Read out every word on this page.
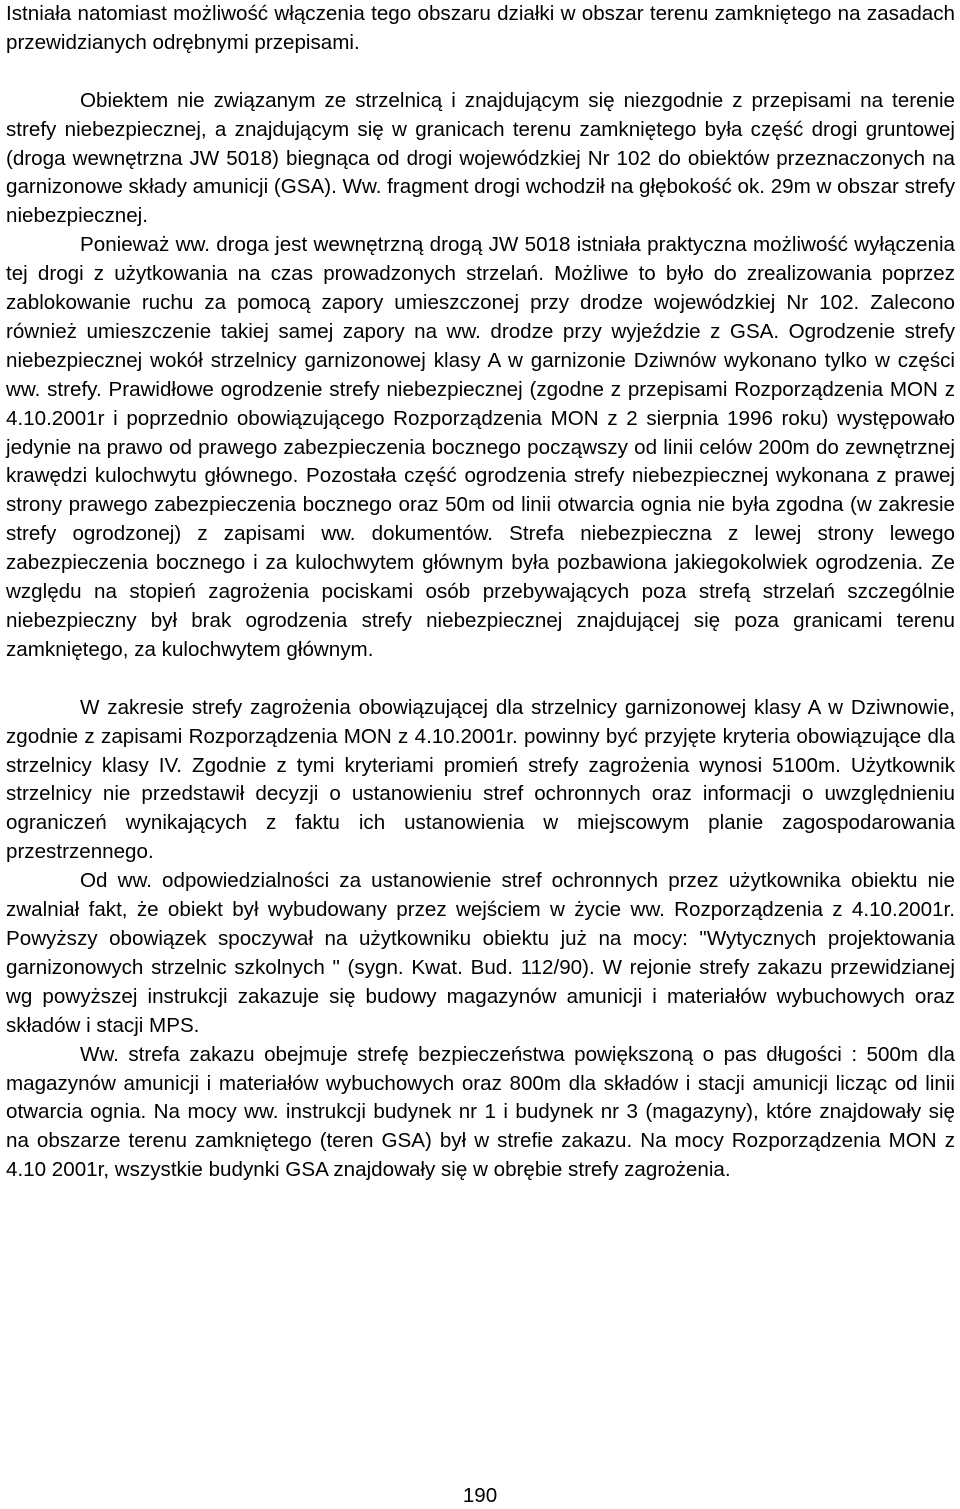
Istniała natomiast możliwość włączenia tego obszaru działki w obszar terenu zamkniętego na zasadach przewidzianych odrębnymi przepisami.

Obiektem nie związanym ze strzelnicą i znajdującym się niezgodnie z przepisami na terenie strefy niebezpiecznej, a znajdującym się w granicach terenu zamkniętego była część drogi gruntowej (droga wewnętrzna JW 5018) biegnąca od drogi wojewódzkiej Nr 102 do obiektów przeznaczonych na garnizonowe składy amunicji (GSA). Ww. fragment drogi wchodził na głębokość ok. 29m w obszar strefy niebezpiecznej.

Ponieważ ww. droga jest wewnętrzną drogą JW 5018 istniała praktyczna możliwość wyłączenia tej drogi z użytkowania na czas prowadzonych strzelań. Możliwe to było do zrealizowania poprzez zablokowanie ruchu za pomocą zapory umieszczonej przy drodze wojewódzkiej Nr 102. Zalecono również umieszczenie takiej samej zapory na ww. drodze przy wyjeździe z GSA. Ogrodzenie strefy niebezpiecznej wokół strzelnicy garnizonowej klasy A w garnizonie Dziwnów wykonano tylko w części ww. strefy. Prawidłowe ogrodzenie strefy niebezpiecznej (zgodne z przepisami Rozporządzenia MON z 4.10.2001r i poprzednio obowiązującego Rozporządzenia MON z 2 sierpnia 1996 roku) występowało jedynie na prawo od prawego zabezpieczenia bocznego począwszy od linii celów 200m do zewnętrznej krawędzi kulochwytu głównego. Pozostała część ogrodzenia strefy niebezpiecznej wykonana z prawej strony prawego zabezpieczenia bocznego oraz 50m od linii otwarcia ognia nie była zgodna (w zakresie strefy ogrodzonej) z zapisami ww. dokumentów. Strefa niebezpieczna z lewej strony lewego zabezpieczenia bocznego i za kulochwytem głównym była pozbawiona jakiegokolwiek ogrodzenia. Ze względu na stopień zagrożenia pociskami osób przebywających poza strefą strzelań szczególnie niebezpieczny był brak ogrodzenia strefy niebezpiecznej znajdującej się poza granicami terenu zamkniętego, za kulochwytem głównym.

W zakresie strefy zagrożenia obowiązującej dla strzelnicy garnizonowej klasy A w Dziwnowie, zgodnie z zapisami Rozporządzenia MON z 4.10.2001r. powinny być przyjęte kryteria obowiązujące dla strzelnicy klasy IV. Zgodnie z tymi kryteriami promień strefy zagrożenia wynosi 5100m. Użytkownik strzelnicy nie przedstawił decyzji o ustanowieniu stref ochronnych oraz informacji o uwzględnieniu ograniczeń wynikających z faktu ich ustanowienia w miejscowym planie zagospodarowania przestrzennego.

Od ww. odpowiedzialności za ustanowienie stref ochronnych przez użytkownika obiektu nie zwalniał fakt, że obiekt był wybudowany przez wejściem w życie ww. Rozporządzenia z 4.10.2001r. Powyższy obowiązek spoczywał na użytkowniku obiektu już na mocy: "Wytycznych projektowania garnizonowych strzelnic szkolnych " (sygn. Kwat. Bud. 112/90). W rejonie strefy zakazu przewidzianej wg powyższej instrukcji zakazuje się budowy magazynów amunicji i materiałów wybuchowych oraz składów i stacji MPS.

Ww. strefa zakazu obejmuje strefę bezpieczeństwa powiększoną o pas długości : 500m dla magazynów amunicji i materiałów wybuchowych oraz 800m dla składów i stacji amunicji licząc od linii otwarcia ognia. Na mocy ww. instrukcji budynek nr 1 i budynek nr 3 (magazyny), które znajdowały się na obszarze terenu zamkniętego (teren GSA) był w strefie zakazu. Na mocy Rozporządzenia MON z 4.10 2001r, wszystkie budynki GSA znajdowały się w obrębie strefy zagrożenia.

190
